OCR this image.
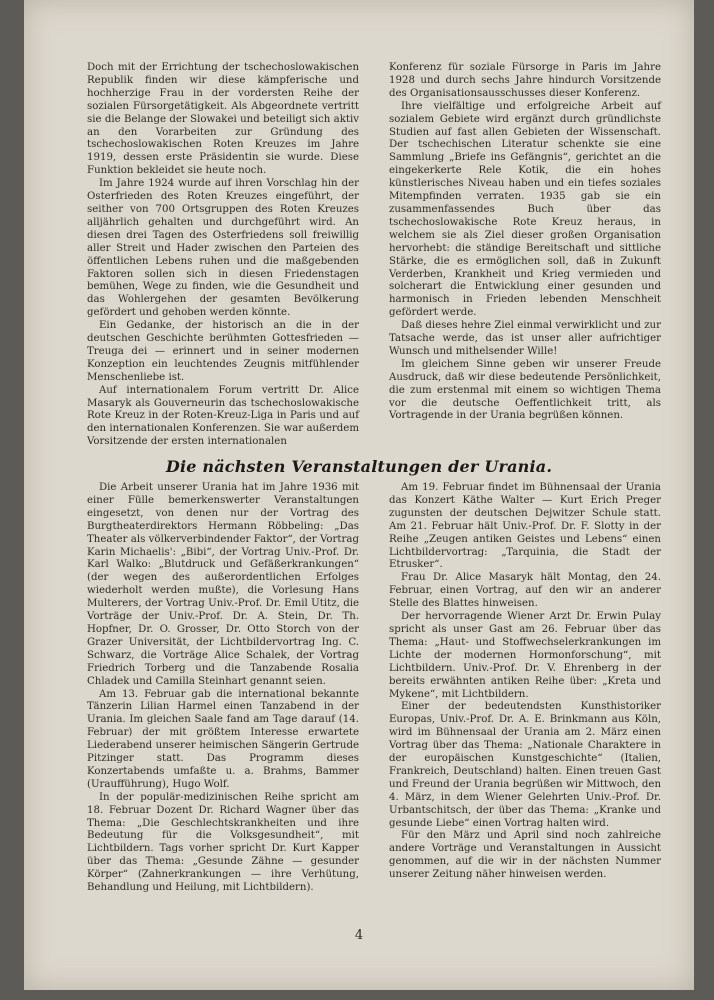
Doch mit der Errichtung der tschechoslowakischen Republik finden wir diese kämpferische und hochherzige Frau in der vordersten Reihe der sozialen Fürsorgetätigkeit. Als Abgeordnete vertritt sie die Belange der Slowakei und beteiligt sich aktiv an den Vorarbeiten zur Gründung des tschechoslowakischen Roten Kreuzes im Jahre 1919, dessen erste Präsidentin sie wurde. Diese Funktion bekleidet sie heute noch.

Im Jahre 1924 wurde auf ihren Vorschlag hin der Osterfrieden des Roten Kreuzes eingeführt, der seither von 700 Ortsgruppen des Roten Kreuzes alljährlich gehalten und durchgeführt wird. An diesen drei Tagen des Osterfriedens soll freiwillig aller Streit und Hader zwischen den Parteien des öffentlichen Lebens ruhen und die maßgebenden Faktoren sollen sich in diesen Friedenstagen bemühen, Wege zu finden, wie die Gesundheit und das Wohlergehen der gesamten Bevölkerung gefördert und gehoben werden könnte.

Ein Gedanke, der historisch an die in der deutschen Geschichte berühmten Gottesfrieden — Treuga dei — erinnert und in seiner modernen Konzeption ein leuchtendes Zeugnis mitfühlender Menschenliebe ist.

Auf internationalem Forum vertritt Dr. Alice Masaryk als Gouverneurin das tschechoslowakische Rote Kreuz in der Roten-Kreuz-Liga in Paris und auf den internationalen Konferenzen. Sie war außerdem Vorsitzende der ersten internationalen

Konferenz für soziale Fürsorge in Paris im Jahre 1928 und durch sechs Jahre hindurch Vorsitzende des Organisationsausschusses dieser Konferenz.

Ihre vielfältige und erfolgreiche Arbeit auf sozialem Gebiete wird ergänzt durch gründlichste Studien auf fast allen Gebieten der Wissenschaft. Der tschechischen Literatur schenkte sie eine Sammlung „Briefe ins Gefängnis“, gerichtet an die eingekerkerte Rele Kotik, die ein hohes künstlerisches Niveau haben und ein tiefes soziales Mitempfinden verraten. 1935 gab sie ein zusammenfassendes Buch über das tschechoslowakische Rote Kreuz heraus, in welchem sie als Ziel dieser großen Organisation hervorhebt: die ständige Bereitschaft und sittliche Stärke, die es ermöglichen soll, daß in Zukunft Verderben, Krankheit und Krieg vermieden und solcherart die Entwicklung einer gesunden und harmonisch in Frieden lebenden Menschheit gefördert werde.

Daß dieses hehre Ziel einmal verwirklicht und zur Tatsache werde, das ist unser aller aufrichtiger Wunsch und mithelsender Wille!

Im gleichem Sinne geben wir unserer Freude Ausdruck, daß wir diese bedeutende Persönlichkeit, die zum erstenmal mit einem so wichtigen Thema vor die deutsche Oeffentlichkeit tritt, als Vortragende in der Urania begrüßen können.

Die nächsten Veranstaltungen der Urania.

Die Arbeit unserer Urania hat im Jahre 1936 mit einer Fülle bemerkenswerter Veranstaltungen eingesetzt, von denen nur der Vortrag des Burgtheaterdirektors Hermann Röbbeling: „Das Theater als völkerverbindender Faktor“, der Vortrag Karin Michaelis': „Bibi“, der Vortrag Univ.-Prof. Dr. Karl Walko: „Blutdruck und Gefäßerkrankungen“ (der wegen des außerordentlichen Erfolges wiederholt werden mußte), die Vorlesung Hans Multerers, der Vortrag Univ.-Prof. Dr. Emil Utitz, die Vorträge der Univ.-Prof. Dr. A. Stein, Dr. Th. Hopfner, Dr. O. Grosser, Dr. Otto Storch von der Grazer Universität, der Lichtbildervortrag Ing. C. Schwarz, die Vorträge Alice Schalek, der Vortrag Friedrich Torberg und die Tanzabende Rosalia Chladek und Camilla Steinhart genannt seien.

Am 13. Februar gab die international bekannte Tänzerin Lilian Harmel einen Tanzabend in der Urania. Im gleichen Saale fand am Tage darauf (14. Februar) der mit größtem Interesse erwartete Liederabend unserer heimischen Sängerin Gertrude Pitzinger statt. Das Programm dieses Konzertabends umfaßte u. a. Brahms, Bammer (Uraufführung), Hugo Wolf.

In der populär-medizinischen Reihe spricht am 18. Februar Dozent Dr. Richard Wagner über das Thema: „Die Geschlechtskrankheiten und ihre Bedeutung für die Volksgesundheit“, mit Lichtbildern. Tags vorher spricht Dr. Kurt Kapper über das Thema: „Gesunde Zähne — gesunder Körper“ (Zahnerkrankungen — ihre Verhütung, Behandlung und Heilung, mit Lichtbildern).

Am 19. Februar findet im Bühnensaal der Urania das Konzert Käthe Walter — Kurt Erich Preger zugunsten der deutschen Dejwitzer Schule statt. Am 21. Februar hält Univ.-Prof. Dr. F. Slotty in der Reihe „Zeugen antiken Geistes und Lebens“ einen Lichtbildervortrag: „Tarquinia, die Stadt der Etrusker“.

Frau Dr. Alice Masaryk hält Montag, den 24. Februar, einen Vortrag, auf den wir an anderer Stelle des Blattes hinweisen.

Der hervorragende Wiener Arzt Dr. Erwin Pulay spricht als unser Gast am 26. Februar über das Thema: „Haut- und Stoffwechselerkrankungen im Lichte der modernen Hormonforschung“, mit Lichtbildern. Univ.-Prof. Dr. V. Ehrenberg in der bereits erwähnten antiken Reihe über: „Kreta und Mykene“, mit Lichtbildern.

Einer der bedeutendsten Kunsthistoriker Europas, Univ.-Prof. Dr. A. E. Brinkmann aus Köln, wird im Bühnensaal der Urania am 2. März einen Vortrag über das Thema: „Nationale Charaktere in der europäischen Kunstgeschichte“ (Italien, Frankreich, Deutschland) halten. Einen treuen Gast und Freund der Urania begrüßen wir Mittwoch, den 4. März, in dem Wiener Gelehrten Univ.-Prof. Dr. Urbantschitsch, der über das Thema: „Kranke und gesunde Liebe“ einen Vortrag halten wird.

Für den März und April sind noch zahlreiche andere Vorträge und Veranstaltungen in Aussicht genommen, auf die wir in der nächsten Nummer unserer Zeitung näher hinweisen werden.

4
